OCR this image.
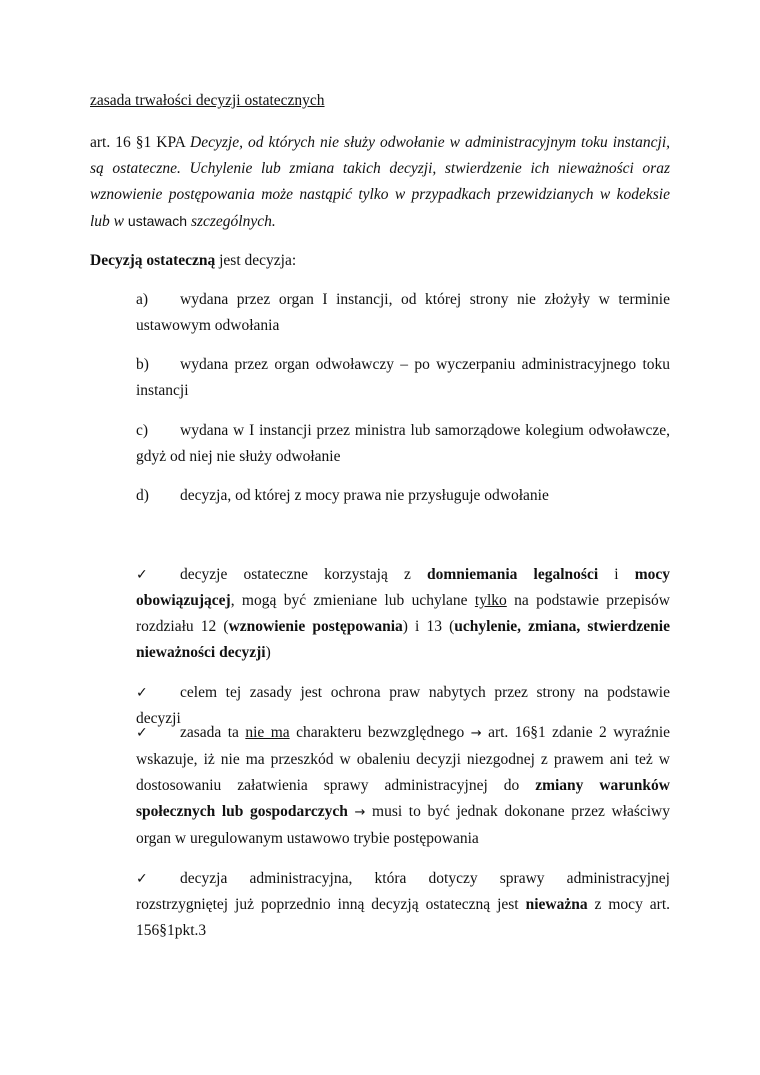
zasada trwałości decyzji ostatecznych

art. 16 §1 KPA Decyzje, od których nie służy odwołanie w administracyjnym toku instancji, są ostateczne. Uchylenie lub zmiana takich decyzji, stwierdzenie ich nieważności oraz wznowienie postępowania może nastąpić tylko w przypadkach przewidzianych w kodeksie lub w ustawach szczególnych.

Decyzją ostateczną jest decyzja:

a) wydana przez organ I instancji, od której strony nie złożyły w terminie ustawowym odwołania

b) wydana przez organ odwoławczy – po wyczerpaniu administracyjnego toku instancji

c) wydana w I instancji przez ministra lub samorządowe kolegium odwoławcze, gdyż od niej nie służy odwołanie

d) decyzja, od której z mocy prawa nie przysługuje odwołanie

✓ decyzje ostateczne korzystają z domniemania legalności i mocy obowiązującej, mogą być zmieniane lub uchylane tylko na podstawie przepisów rozdziału 12 (wznowienie postępowania) i 13 (uchylenie, zmiana, stwierdzenie nieważności decyzji)

✓ celem tej zasady jest ochrona praw nabytych przez strony na podstawie decyzji

✓ zasada ta nie ma charakteru bezwzględnego → art. 16§1 zdanie 2 wyraźnie wskazuje, iż nie ma przeszkód w obaleniu decyzji niezgodnej z prawem ani też w dostosowaniu załatwienia sprawy administracyjnej do zmiany warunków społecznych lub gospodarczych → musi to być jednak dokonane przez właściwy organ w uregulowanym ustawowo trybie postępowania

✓ decyzja administracyjna, która dotyczy sprawy administracyjnej rozstrzygniętej już poprzednio inną decyzją ostateczną jest nieważna z mocy art. 156§1pkt.3
